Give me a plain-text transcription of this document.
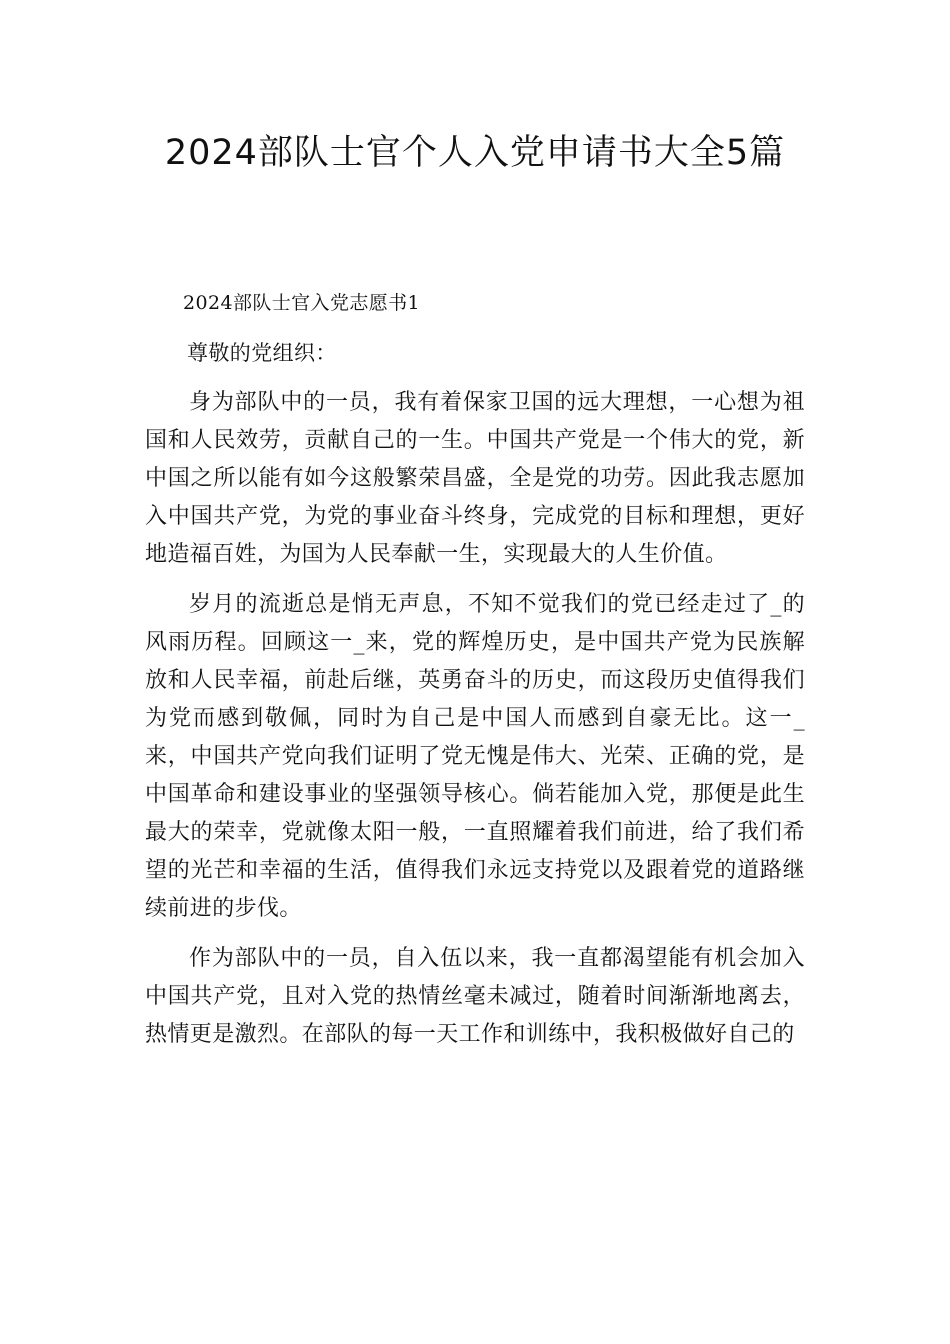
2024部队士官个人入党申请书大全5篇

2024部队士官入党志愿书1

尊敬的党组织：

身为部队中的一员，我有着保家卫国的远大理想，一心想为祖国和人民效劳，贡献自己的一生。中国共产党是一个伟大的党，新中国之所以能有如今这般繁荣昌盛，全是党的功劳。因此我志愿加入中国共产党，为党的事业奋斗终身，完成党的目标和理想，更好地造福百姓，为国为人民奉献一生，实现最大的人生价值。

岁月的流逝总是悄无声息，不知不觉我们的党已经走过了_的风雨历程。回顾这一_来，党的辉煌历史，是中国共产党为民族解放和人民幸福，前赴后继，英勇奋斗的历史，而这段历史值得我们为党而感到敬佩，同时为自己是中国人而感到自豪无比。这一_来，中国共产党向我们证明了党无愧是伟大、光荣、正确的党，是中国革命和建设事业的坚强领导核心。倘若能加入党，那便是此生最大的荣幸，党就像太阳一般，一直照耀着我们前进，给了我们希望的光芒和幸福的生活，值得我们永远支持党以及跟着党的道路继续前进的步伐。

作为部队中的一员，自入伍以来，我一直都渴望能有机会加入中国共产党，且对入党的热情丝毫未减过，随着时间渐渐地离去，热情更是激烈。在部队的每一天工作和训练中，我积极做好自己的
